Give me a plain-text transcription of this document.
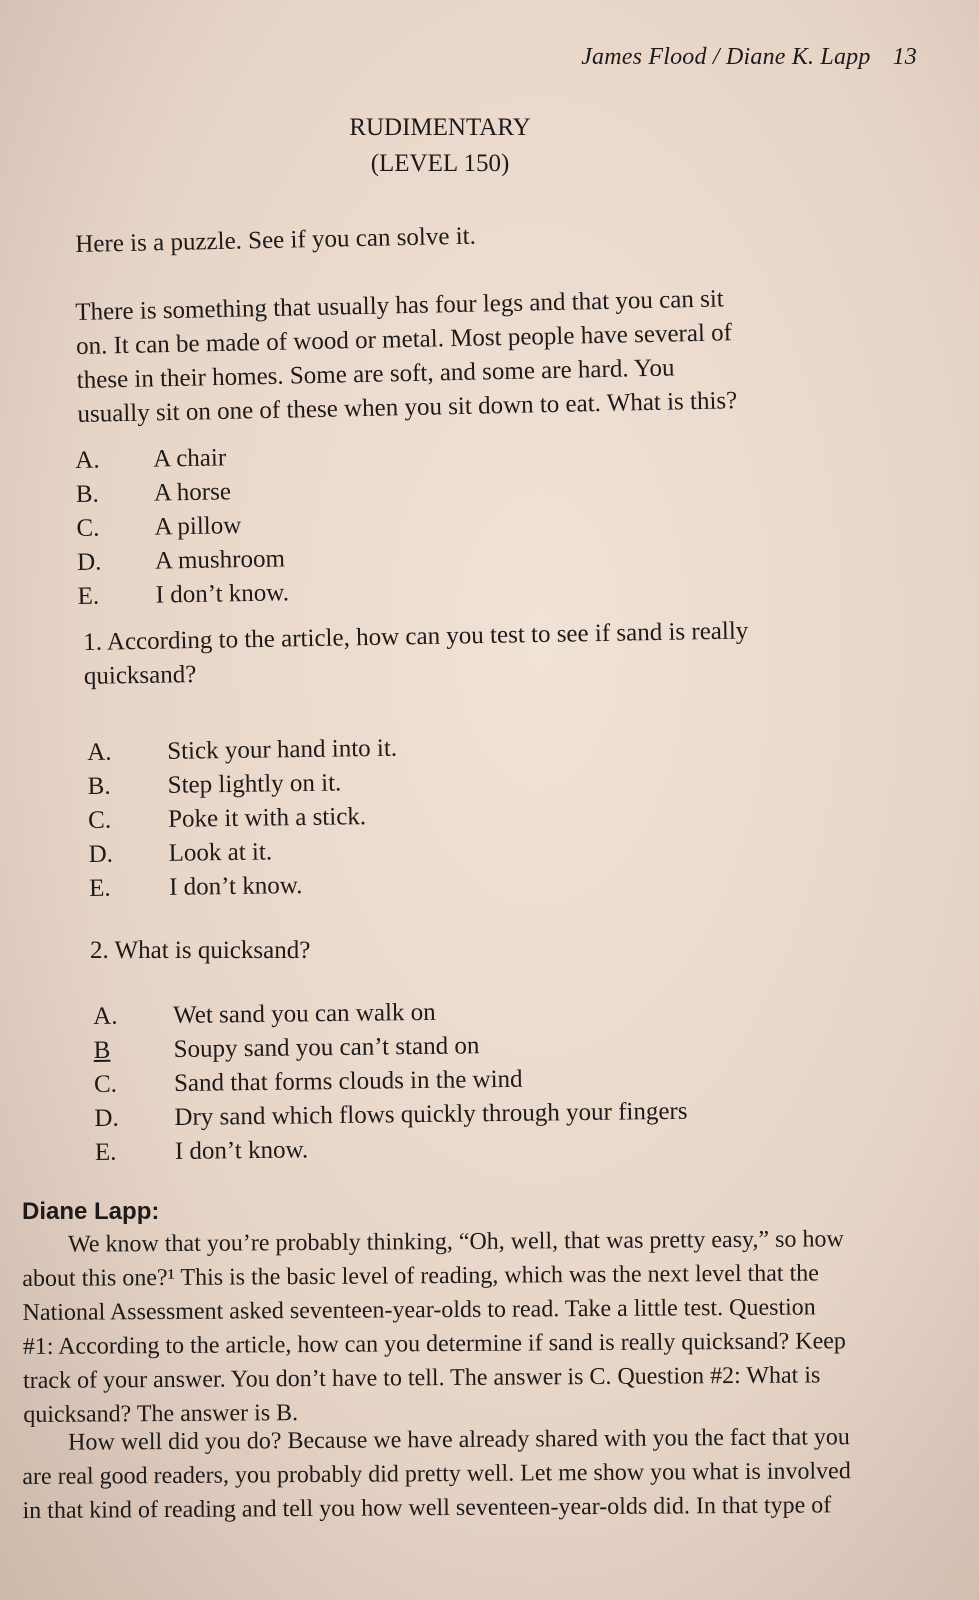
James Flood / Diane K. Lapp 13
RUDIMENTARY
(LEVEL 150)
Here is a puzzle. See if you can solve it.
There is something that usually has four legs and that you can sit
on. It can be made of wood or metal. Most people have several of
these in their homes. Some are soft, and some are hard. You
usually sit on one of these when you sit down to eat. What is this?
A.	A chair
B.	A horse
C.	A pillow
D.	A mushroom
E.	I don’t know.
1. According to the article, how can you test to see if sand is really
quicksand?
A.	Stick your hand into it.
B.	Step lightly on it.
C.	Poke it with a stick.
D.	Look at it.
E.	I don’t know.
2. What is quicksand?
A.	Wet sand you can walk on
B	Soupy sand you can’t stand on
C.	Sand that forms clouds in the wind
D.	Dry sand which flows quickly through your fingers
E.	I don’t know.
Diane Lapp:
We know that you’re probably thinking, “Oh, well, that was pretty easy,” so how
about this one?¹ This is the basic level of reading, which was the next level that the
National Assessment asked seventeen-year-olds to read. Take a little test. Question
#1: According to the article, how can you determine if sand is really quicksand? Keep
track of your answer. You don’t have to tell. The answer is C. Question #2: What is
quicksand? The answer is B.
How well did you do? Because we have already shared with you the fact that you
are real good readers, you probably did pretty well. Let me show you what is involved
in that kind of reading and tell you how well seventeen-year-olds did. In that type of
